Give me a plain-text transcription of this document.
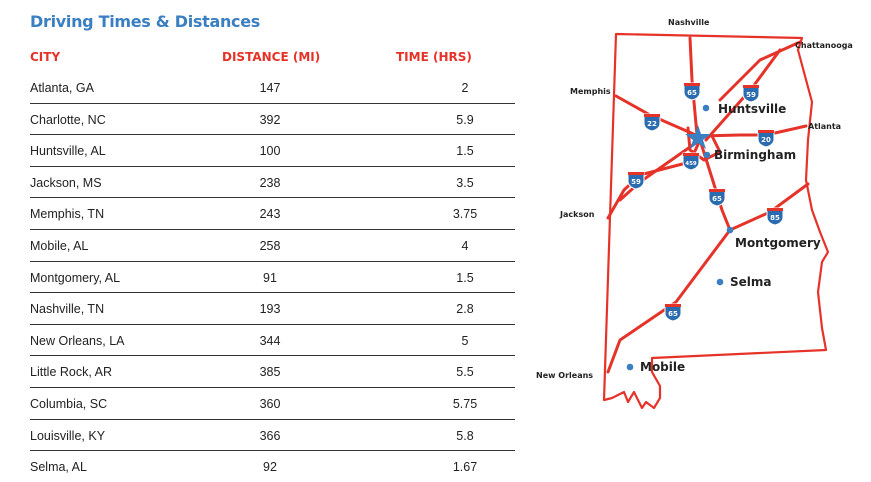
Driving Times & Distances
CITY	DISTANCE (MI)	TIME (HRS)
Atlanta, GA	147	2
Charlotte, NC	392	5.9
Huntsville, AL	100	1.5
Jackson, MS	238	3.5
Memphis, TN	243	3.75
Mobile, AL	258	4
Montgomery, AL	91	1.5
Nashville, TN	193	2.8
New Orleans, LA	344	5
Little Rock, AR	385	5.5
Columbia, SC	360	5.75
Louisville, KY	366	5.8
Selma, AL	92	1.67
65	59
22
20
459
59
65
85
65
Nashville
Chattanooga
Memphis
Atlanta
Jackson
New Orleans
Huntsville
Birmingham
Montgomery
Selma
Mobile
